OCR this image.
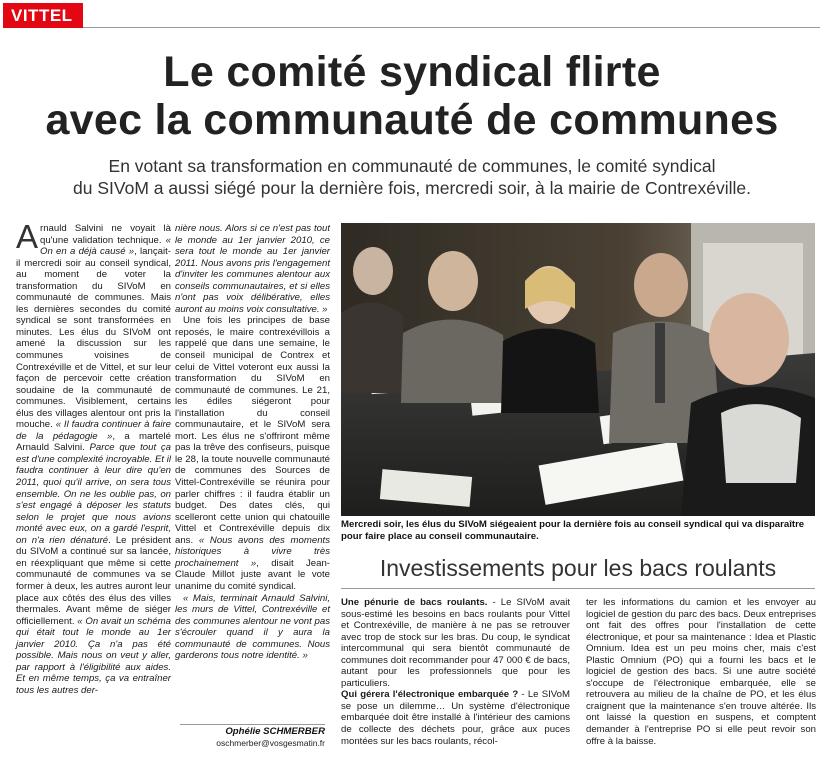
VITTEL
Le comité syndical flirte
avec la communauté de communes
En votant sa transformation en communauté de communes, le comité syndical
du SIVoM a aussi siégé pour la dernière fois, mercredi soir, à la mairie de Contrexéville.

Arnauld Salvini ne voyait là qu'une validation technique. « On en a déjà causé », lançait-il mercredi soir au conseil syndical, au moment de voter la transformation du SIVoM en communauté de communes. Mais les dernières secondes du comité syndical se sont transformées en minutes. Les élus du SIVoM ont amené la discussion sur les communes voisines de Contrexéville et de Vittel, et sur leur façon de percevoir cette création soudaine de la communauté de communes. Visiblement, certains élus des villages alentour ont pris la mouche. « Il faudra continuer à faire de la pédagogie », a martelé Arnauld Salvini. Parce que tout ça est d'une complexité incroyable. Et il faudra continuer à leur dire qu'en 2011, quoi qu'il arrive, on sera tous ensemble. On ne les oublie pas, on s'est engagé à déposer les statuts selon le projet que nous avions monté avec eux, on a gardé l'esprit, on n'a rien dénaturé. Le président du SIVoM a continué sur sa lancée, en réexpliquant que même si cette communauté de communes va se former à deux, les autres auront leur place aux côtés des élus des villes thermales. Avant même de siéger officiellement. « On avait un schéma qui était tout le monde au 1er janvier 2010. Ça n'a pas été possible. Mais nous on veut y aller, par rapport à l'éligibilité aux aides. Et en même temps, ça va entraîner tous les autres der-

nière nous. Alors si ce n'est pas tout le monde au 1er janvier 2010, ce sera tout le monde au 1er janvier 2011. Nous avons pris l'engagement d'inviter les communes alentour aux conseils communautaires, et si elles n'ont pas voix délibérative, elles auront au moins voix consultative. »

Une fois les principes de base reposés, le maire contrexévillois a rappelé que dans une semaine, le conseil municipal de Contrex et celui de Vittel voteront eux aussi la transformation du SIVoM en communauté de communes. Le 21, les édiles siégeront pour l'installation du conseil communautaire, et le SIVoM sera mort. Les élus ne s'offriront même pas la trêve des confiseurs, puisque le 28, la toute nouvelle communauté de communes des Sources de Vittel-Contrexéville se réunira pour parler chiffres : il faudra établir un budget. Des dates clés, qui scelleront cette union qui chatouille Vittel et Contrexéville depuis dix ans. « Nous avons des moments historiques à vivre très prochainement », disait Jean-Claude Millot juste avant le vote unanime du comité syndical.

« Mais, terminait Arnauld Salvini, les murs de Vittel, Contrexéville et des communes alentour ne vont pas s'écrouler quand il y aura la communauté de communes. Nous garderons tous notre identité. »

Ophélie SCHMERBER
oschmerber@vosgesmatin.fr
Mercredi soir, les élus du SIVoM siégeaient pour la dernière fois au conseil syndical qui va disparaître pour faire place au conseil communautaire.
Investissements pour les bacs roulants

Une pénurie de bacs roulants. - Le SIVoM avait sous-estimé les besoins en bacs roulants pour Vittel et Contrexéville, de manière à ne pas se retrouver avec trop de stock sur les bras. Du coup, le syndicat intercommunal qui sera bientôt communauté de communes doit recommander pour 47 000 € de bacs, autant pour les professionnels que pour les particuliers.

Qui gérera l'électronique embarquée ? - Le SIVoM se pose un dilemme… Un système d'électronique embarquée doit être installé à l'intérieur des camions de collecte des déchets pour, grâce aux puces montées sur les bacs roulants, récol-

ter les informations du camion et les envoyer au logiciel de gestion du parc des bacs. Deux entreprises ont fait des offres pour l'installation de cette électronique, et pour sa maintenance : Idea et Plastic Omnium. Idea est un peu moins cher, mais c'est Plastic Omnium (PO) qui a fourni les bacs et le logiciel de gestion des bacs. Si une autre société s'occupe de l'électronique embarquée, elle se retrouvera au milieu de la chaîne de PO, et les élus craignent que la maintenance s'en trouve altérée. Ils ont laissé la question en suspens, et comptent demander à l'entreprise PO si elle peut revoir son offre à la baisse.
